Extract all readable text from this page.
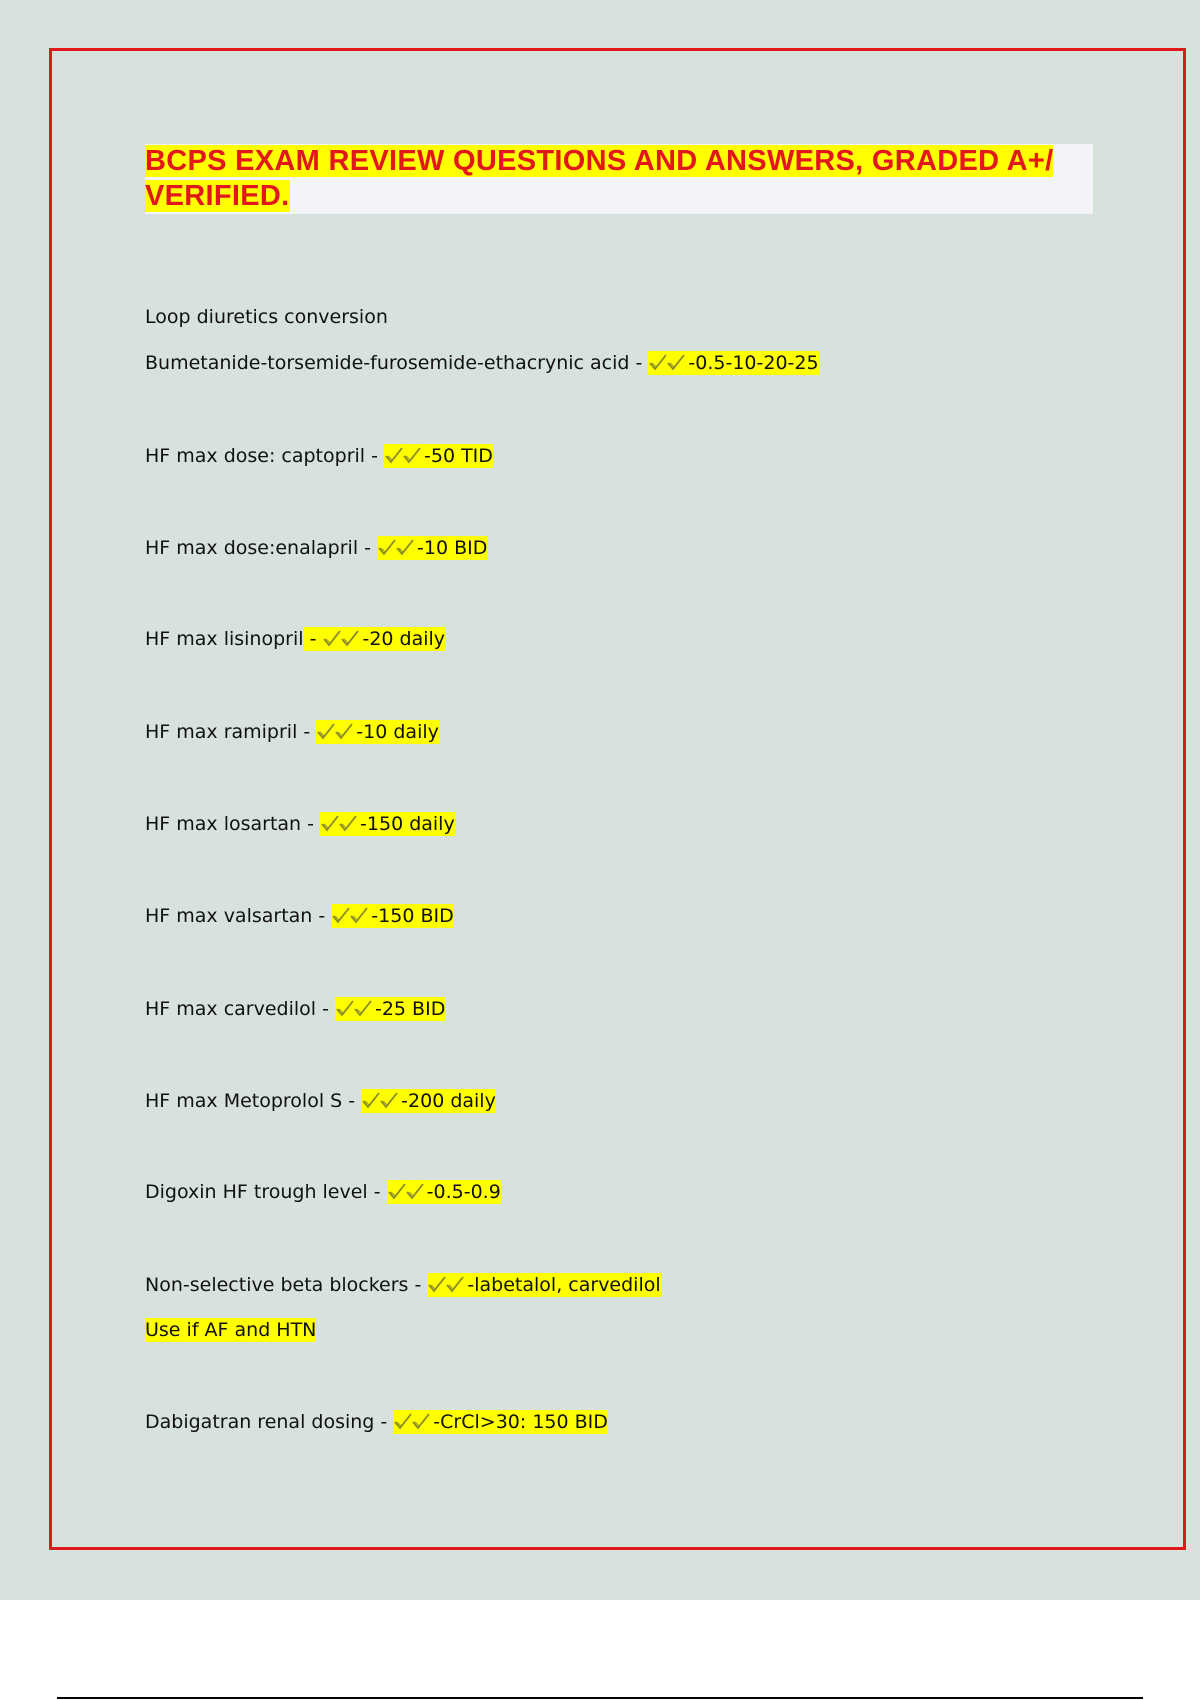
BCPS EXAM REVIEW QUESTIONS AND ANSWERS, GRADED A+/
VERIFIED.

Loop diuretics conversion
Bumetanide-torsemide-furosemide-ethacrynic acid -
-0.5-10-20-25
HF max dose: captopril -
-50 TID
HF max dose:enalapril -
-10 BID
HF max lisinopril -
-20 daily
HF max ramipril -
-10 daily
HF max losartan -
-150 daily
HF max valsartan -
-150 BID
HF max carvedilol -
-25 BID
HF max Metoprolol S -
-200 daily
Digoxin HF trough level -
-0.5-0.9
Non-selective beta blockers -
-labetalol, carvedilol
Use if AF and HTN
Dabigatran renal dosing -
-CrCl>30: 150 BID
